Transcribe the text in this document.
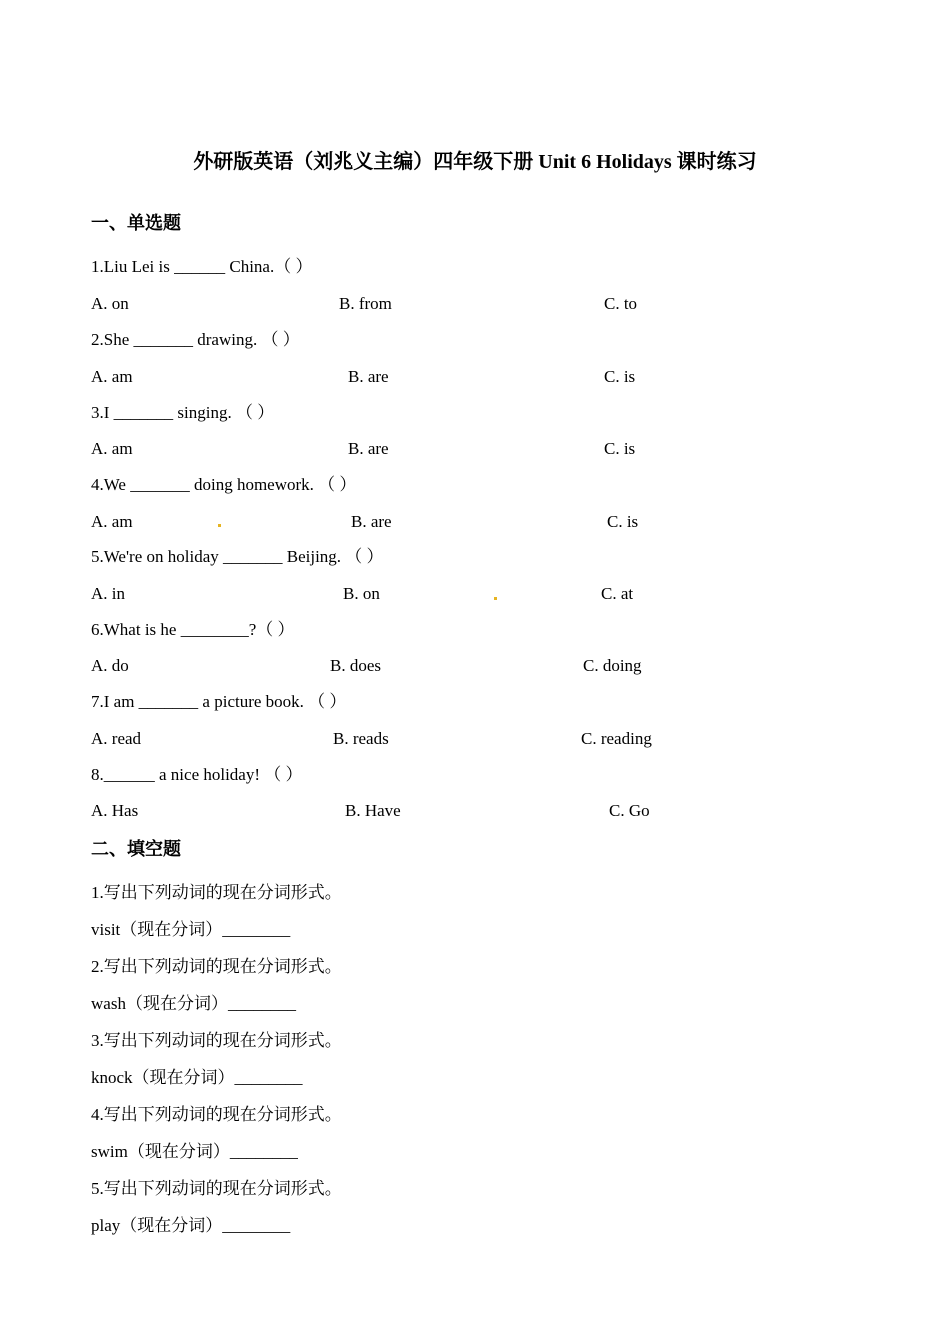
外研版英语（刘兆义主编）四年级下册 Unit 6 Holidays 课时练习
一、单选题
1.Liu Lei is ______ China.（ ）
A. on	B. from	C. to
2.She _______ drawing. （ ）
A. am	B. are	C. is
3.I _______ singing. （ ）
A. am	B. are	C. is
4.We _______ doing homework. （ ）
A. am	B. are	C. is
5.We're on holiday _______ Beijing. （ ）
A. in	B. on	C. at
6.What is he ________?（ ）
A. do	B. does	C. doing
7.I am _______ a picture book. （ ）
A. read	B. reads	C. reading
8.______ a nice holiday! （ ）
A. Has	B. Have	C. Go
二、填空题
1.写出下列动词的现在分词形式。
visit（现在分词）________
2.写出下列动词的现在分词形式。
wash（现在分词）________
3.写出下列动词的现在分词形式。
knock（现在分词）________
4.写出下列动词的现在分词形式。
swim（现在分词）________
5.写出下列动词的现在分词形式。
play（现在分词）________
